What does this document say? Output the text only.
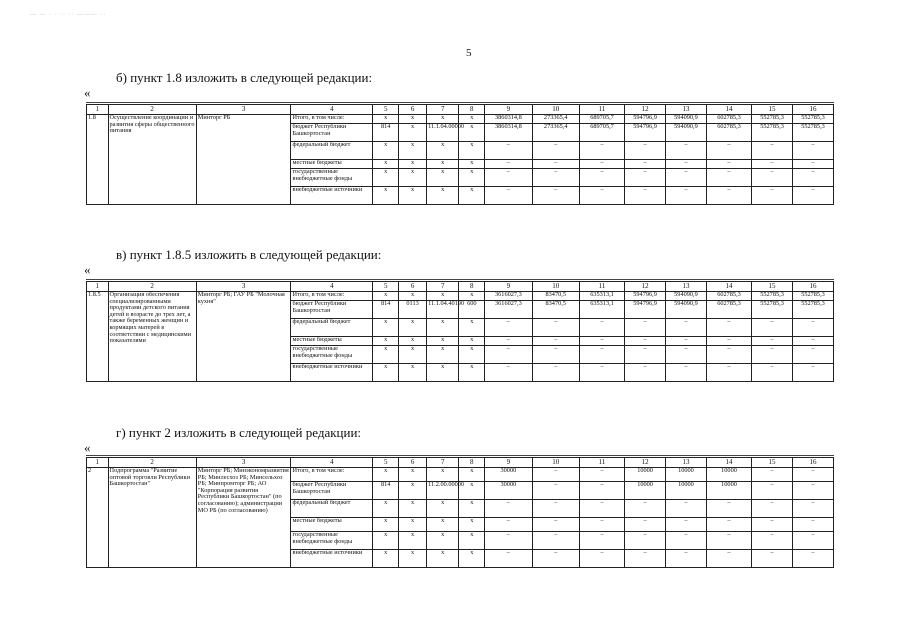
— — · · ·· ·· ——— ··
5
б) пункт 1.8 изложить в следующей редакции:
«
1	2	3	4	5	6	7	8	9	10	11	12	13	14	15	16
1.8	Осуществление координации и развития сферы общественного питания	Минторг РБ	Итого, в том числе:	х	х	х	х	3860314,8	273365,4	689705,7	594796,9	594090,9	602785,3	552785,3	552785,3
			бюджет Республики Башкортостан	814	х	11.1.04.00000	х	3860314,8	273365,4	689705,7	594796,9	594090,9	602785,3	552785,3	552785,3
			федеральный бюджет	х	х	х	х	–	–	–	–	–	–	–	–
			местные бюджеты	х	х	х	х	–	–	–	–	–	–	–	–
			государственные внебюджетные фонды	х	х	х	х	–	–	–	–	–	–	–	–
			внебюджетные источники	х	х	х	х	–	–	–	–	–	–	–	–
в) пункт 1.8.5 изложить в следующей редакции:
«
1	2	3	4	5	6	7	8	9	10	11	12	13	14	15	16
1.8.5	Организация обеспечения специализированными продуктами детского питания детей в возрасте до трех лет, а также беременных женщин и кормящих матерей в соответствии с медицинскими показателями	Минторг РБ; ГАУ РБ "Молочная кухня"	Итого, в том числе:	х	х	х	х	3616027,3	83470,5	635313,1	594796,9	594090,9	602785,3	552785,3	552785,3
			бюджет Республики Башкортостан	814	0113	11.1.04.40190	600	3616027,3	83470,5	635313,1	594796,9	594090,9	602785,3	552785,3	552785,3
			федеральный бюджет	х	х	х	х	–	–	–	–	–	–	–	–
			местные бюджеты	х	х	х	х	–	–	–	–	–	–	–	–
			государственные внебюджетные фонды	х	х	х	х	–	–	–	–	–	–	–	–
			внебюджетные источники	х	х	х	х	–	–	–	–	–	–	–	–
г) пункт 2 изложить в следующей редакции:
«
1	2	3	4	5	6	7	8	9	10	11	12	13	14	15	16
2	Подпрограмма "Развитие оптовой торговли Республики Башкортостан"	Минторг РБ; Минэкономразвития РБ; Минлесхоз РБ; Минсельхоз РБ; Минпромторг РБ; АО "Корпорация развития Республики Башкортостан" (по согласованию); администрации МО РБ (по согласованию)	Итого, в том числе:	х	х	х	х	30000	–	–	10000	10000	10000	–	–
			бюджет Республики Башкортостан	814	х	11.2.00.00000	х	30000	–	–	10000	10000	10000	–	–
			федеральный бюджет	х	х	х	х	–	–	–	–	–	–	–	–
			местные бюджеты	х	х	х	х	–	–	–	–	–	–	–	–
			государственные внебюджетные фонды	х	х	х	х	–	–	–	–	–	–	–	–
			внебюджетные источники	х	х	х	х	–	–	–	–	–	–	–	–
